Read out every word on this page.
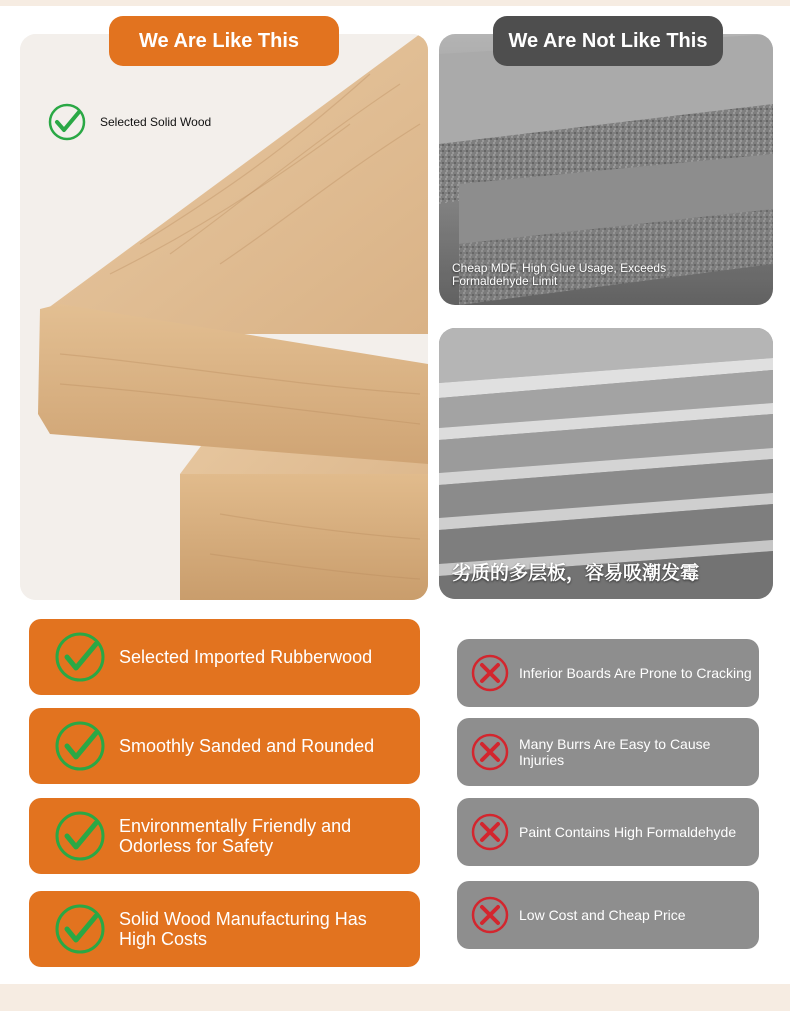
Selected Solid Wood
We Are Like This	We Are Not Like This
Cheap MDF, High Glue Usage, Exceeds Formaldehyde Limit
劣质的多层板，容易吸潮发霉
Selected Imported Rubberwood
Smoothly Sanded and Rounded
Environmentally Friendly and Odorless for Safety
Solid Wood Manufacturing Has High Costs
Inferior Boards Are Prone to Cracking
Many Burrs Are Easy to Cause Injuries
Paint Contains High Formaldehyde
Low Cost and Cheap Price
